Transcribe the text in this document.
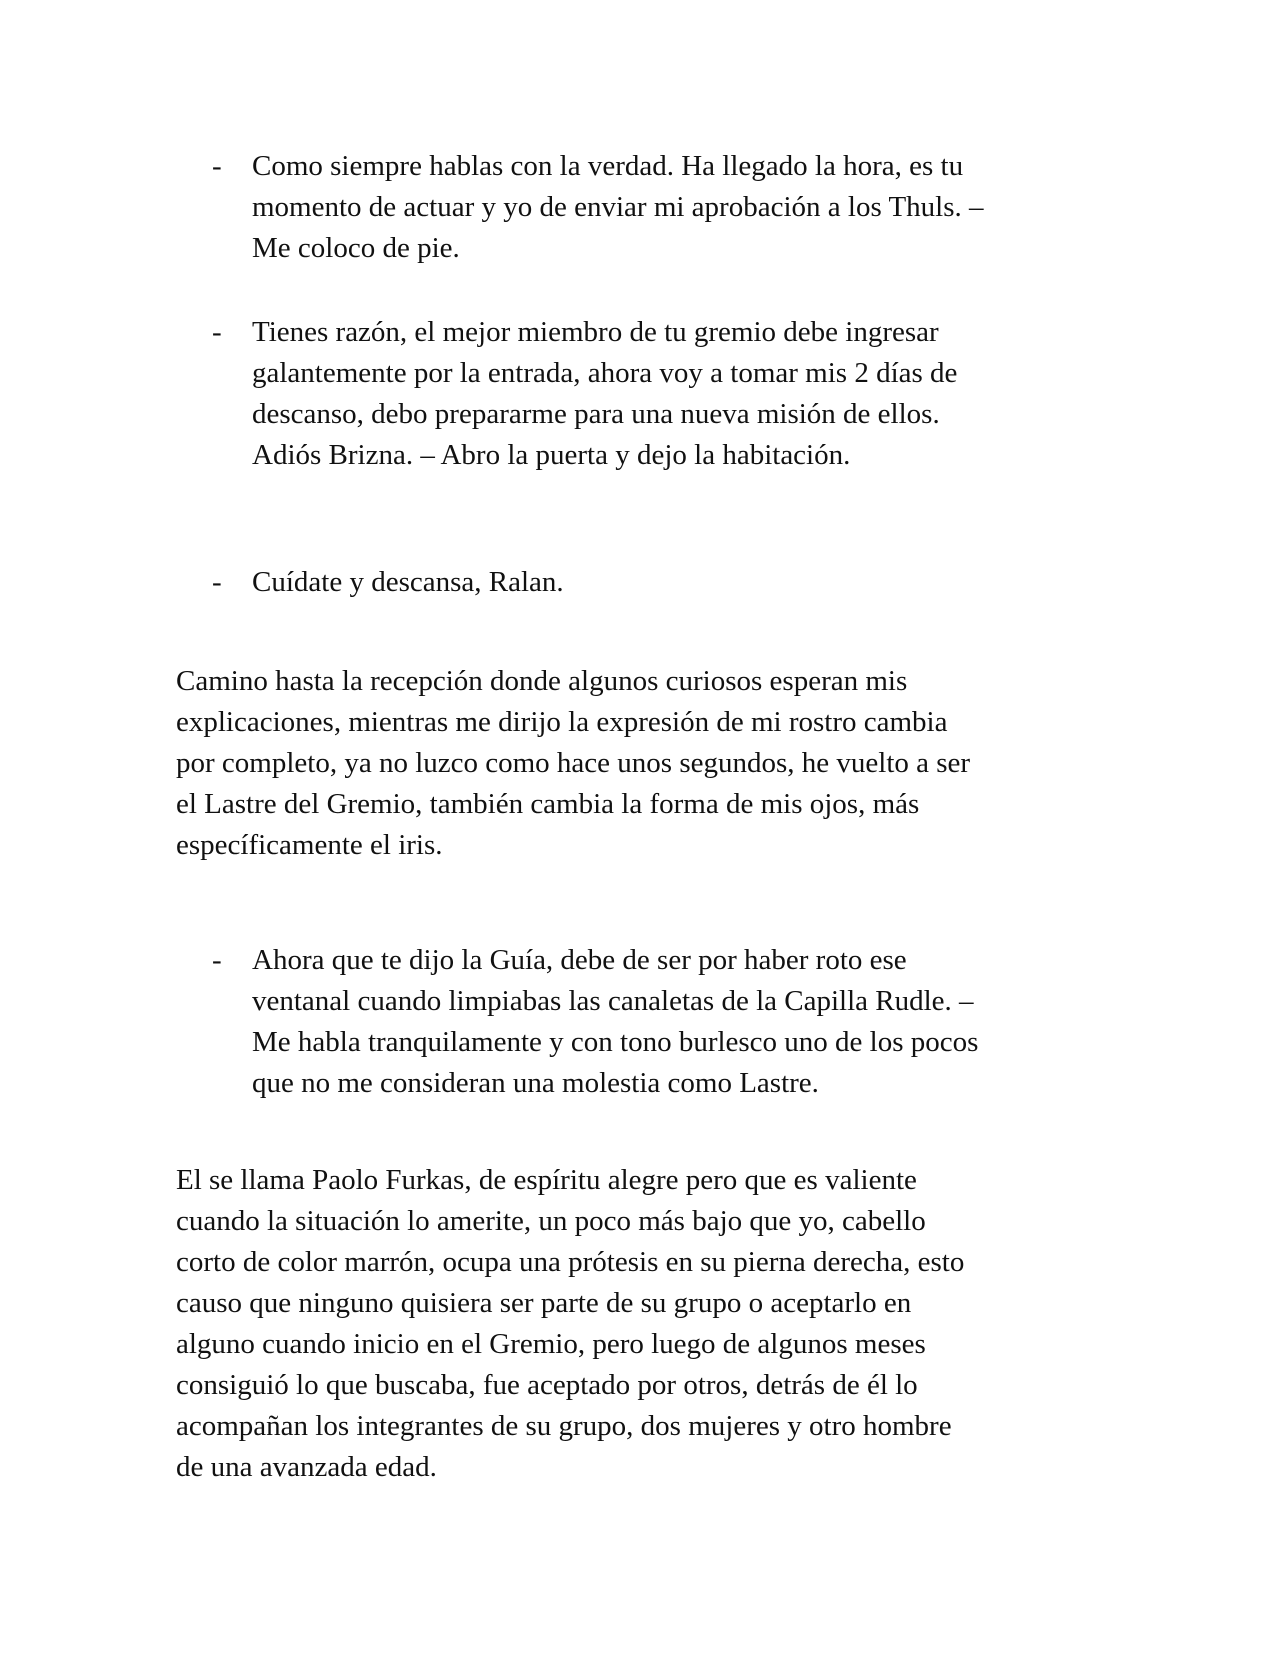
-	Como siempre hablas con la verdad. Ha llegado la hora, es tu
momento de actuar y yo de enviar mi aprobación a los Thuls. –
Me coloco de pie.
-	Tienes razón, el mejor miembro de tu gremio debe ingresar
galantemente por la entrada, ahora voy a tomar mis 2 días de
descanso, debo prepararme para una nueva misión de ellos.
Adiós Brizna. – Abro la puerta y dejo la habitación.
-	Cuídate y descansa, Ralan.
Camino hasta la recepción donde algunos curiosos esperan mis
explicaciones, mientras me dirijo la expresión de mi rostro cambia
por completo, ya no luzco como hace unos segundos, he vuelto a ser
el Lastre del Gremio, también cambia la forma de mis ojos, más
específicamente el iris.
-	Ahora que te dijo la Guía, debe de ser por haber roto ese
ventanal cuando limpiabas las canaletas de la Capilla Rudle. –
Me habla tranquilamente y con tono burlesco uno de los pocos
que no me consideran una molestia como Lastre.
El se llama Paolo Furkas, de espíritu alegre pero que es valiente
cuando la situación lo amerite, un poco más bajo que yo, cabello
corto de color marrón, ocupa una prótesis en su pierna derecha, esto
causo que ninguno quisiera ser parte de su grupo o aceptarlo en
alguno cuando inicio en el Gremio, pero luego de algunos meses
consiguió lo que buscaba, fue aceptado por otros, detrás de él lo
acompañan los integrantes de su grupo, dos mujeres y otro hombre
de una avanzada edad.
